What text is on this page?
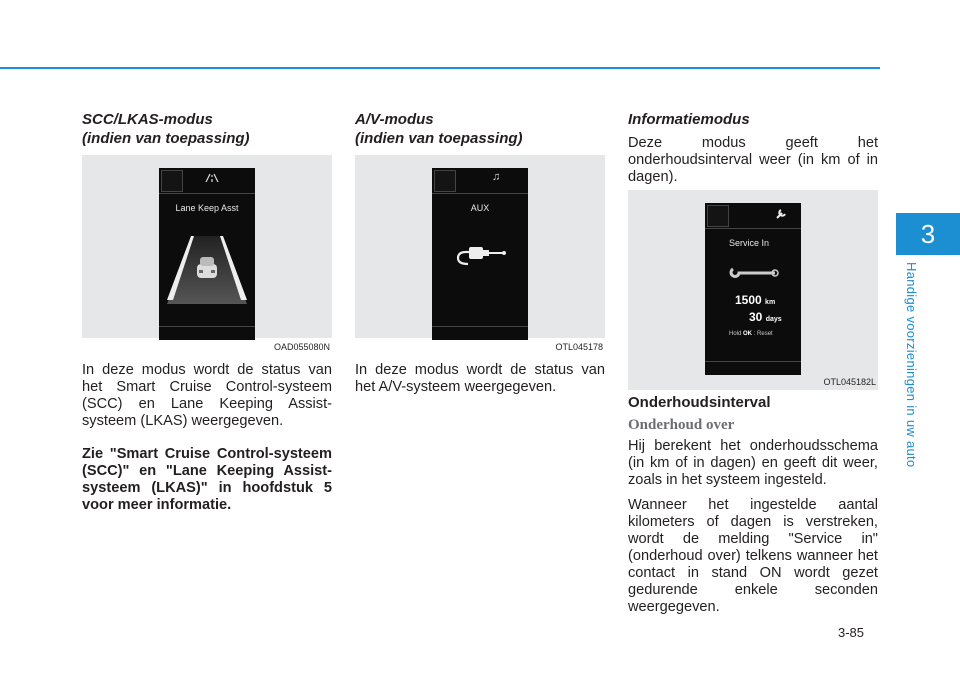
3
Handige voorzieningen in uw auto

SCC/LKAS-modus
(indien van toepassing)

Lane Keep Asst
OAD055080N

In deze modus wordt de status van het Smart Cruise Control-systeem (SCC) en Lane Keeping Assist-systeem (LKAS) weergegeven.

Zie "Smart Cruise Control-systeem (SCC)" en "Lane Keeping Assist-systeem (LKAS)" in hoofdstuk 5 voor meer informatie.

A/V-modus
(indien van toepassing)

♫
AUX
OTL045178

In deze modus wordt de status van het A/V-systeem weergegeven.

Informatiemodus

Deze modus geeft het onderhoudsinterval weer (in km of in dagen).

Service In
1500 km
30 days
Hold OK : Reset
OTL045182L

Onderhoudsinterval

Onderhoud over

Hij berekent het onderhoudsschema (in km of in dagen) en geeft dit weer, zoals in het systeem ingesteld.

Wanneer het ingestelde aantal kilometers of dagen is verstreken, wordt de melding "Service in" (onderhoud over) telkens wanneer het contact in stand ON wordt gezet gedurende enkele seconden weergegeven.

3-85
